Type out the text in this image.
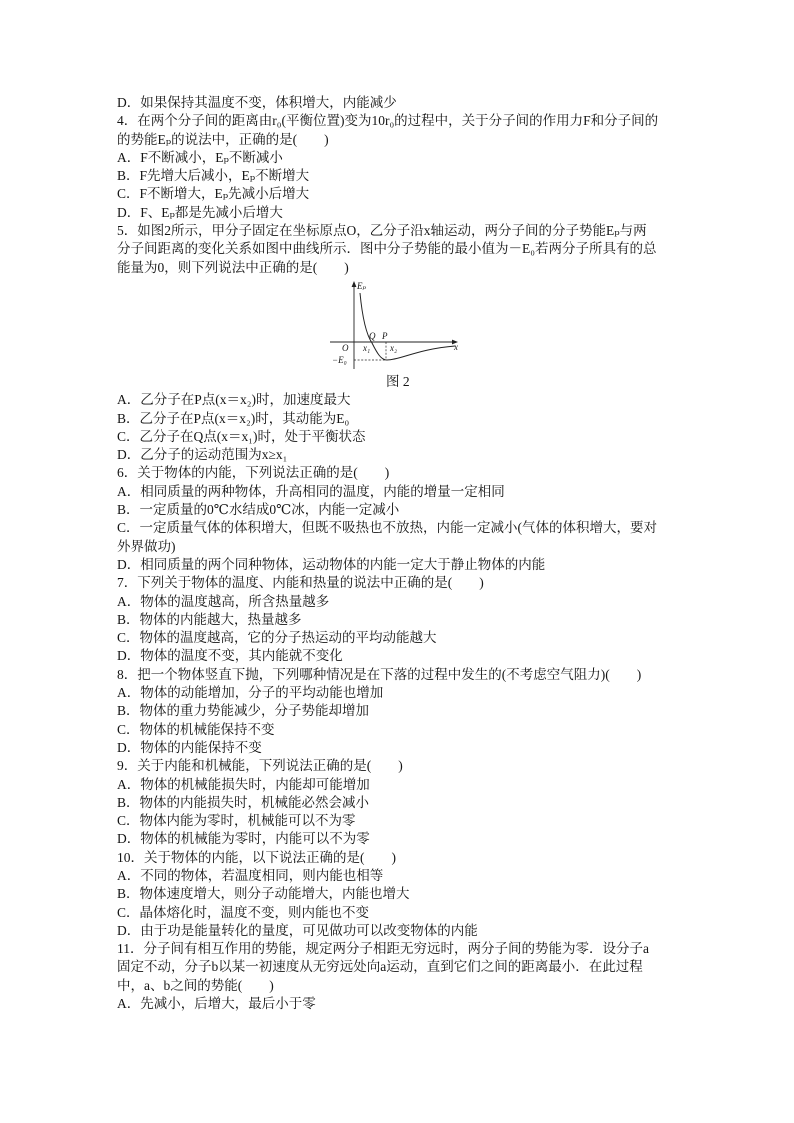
D．如果保持其温度不变，体积增大，内能减少
4．在两个分子间的距离由r₀(平衡位置)变为10r₀的过程中，关于分子间的作用力F和分子间的
的势能Eₚ的说法中，正确的是(　　)
A．F不断减小，Eₚ不断减小
B．F先增大后减小，Eₚ不断增大
C．F不断增大，Eₚ先减小后增大
D．F、Eₚ都是先减小后增大
5．如图2所示，甲分子固定在坐标原点O，乙分子沿x轴运动，两分子间的分子势能Eₚ与两
分子间距离的变化关系如图中曲线所示．图中分子势能的最小值为－E₀若两分子所具有的总
能量为0，则下列说法中正确的是(　　)
Eₚ
x
O
−E₀
Q P
x₁ x₂
图 2
A．乙分子在P点(x＝x₂)时，加速度最大
B．乙分子在P点(x＝x₂)时，其动能为E₀
C．乙分子在Q点(x＝x₁)时，处于平衡状态
D．乙分子的运动范围为x≥x₁
6．关于物体的内能，下列说法正确的是(　　)
A．相同质量的两种物体，升高相同的温度，内能的增量一定相同
B．一定质量的0℃水结成0℃冰，内能一定减小
C．一定质量气体的体积增大，但既不吸热也不放热，内能一定减小(气体的体积增大，要对
外界做功)
D．相同质量的两个同种物体，运动物体的内能一定大于静止物体的内能
7．下列关于物体的温度、内能和热量的说法中正确的是(　　)
A．物体的温度越高，所含热量越多
B．物体的内能越大，热量越多
C．物体的温度越高，它的分子热运动的平均动能越大
D．物体的温度不变，其内能就不变化
8．把一个物体竖直下抛，下列哪种情况是在下落的过程中发生的(不考虑空气阻力)(　　)
A．物体的动能增加，分子的平均动能也增加
B．物体的重力势能减少，分子势能却增加
C．物体的机械能保持不变
D．物体的内能保持不变
9．关于内能和机械能，下列说法正确的是(　　)
A．物体的机械能损失时，内能却可能增加
B．物体的内能损失时，机械能必然会减小
C．物体内能为零时，机械能可以不为零
D．物体的机械能为零时，内能可以不为零
10．关于物体的内能，以下说法正确的是(　　)
A．不同的物体，若温度相同，则内能也相等
B．物体速度增大，则分子动能增大，内能也增大
C．晶体熔化时，温度不变，则内能也不变
D．由于功是能量转化的量度，可见做功可以改变物体的内能
11．分子间有相互作用的势能，规定两分子相距无穷远时，两分子间的势能为零．设分子a
固定不动，分子b以某一初速度从无穷远处向a运动，直到它们之间的距离最小．在此过程
中，a、b之间的势能(　　)
A．先减小，后增大，最后小于零
